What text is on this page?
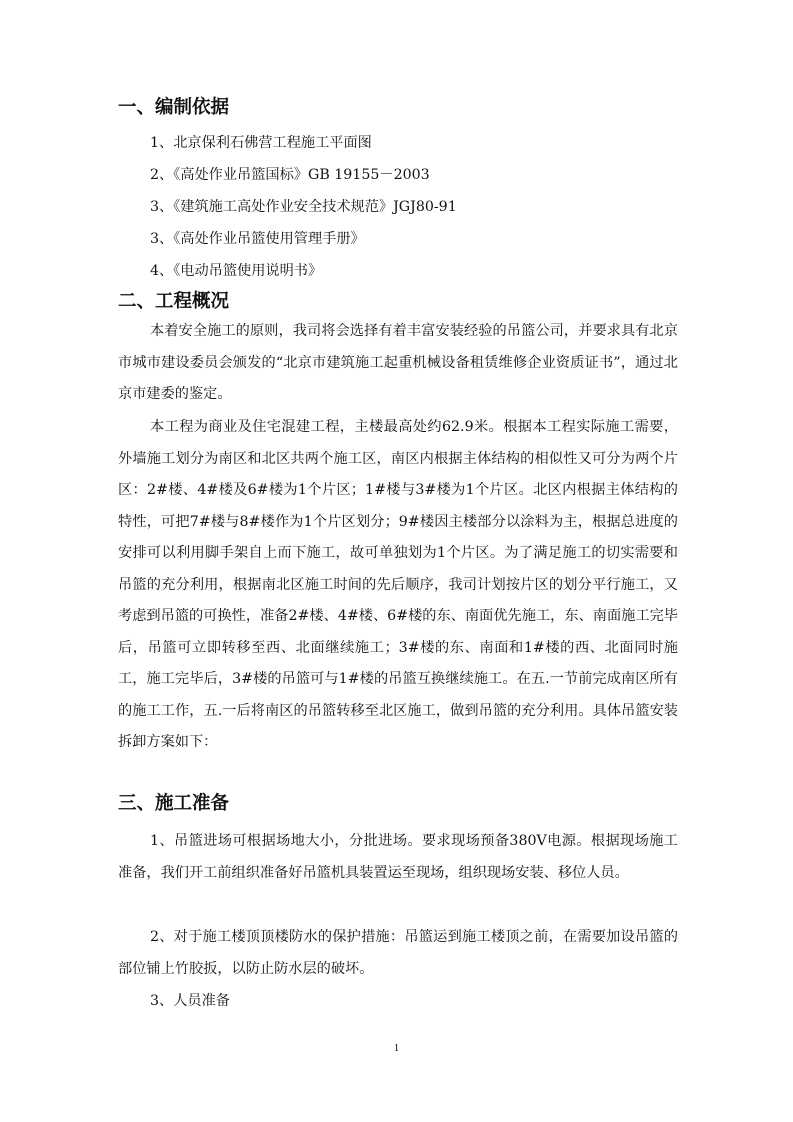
一、编制依据
1、北京保利石佛营工程施工平面图
2、《高处作业吊篮国标》GB 19155－2003
3、《建筑施工高处作业安全技术规范》JGJ80-91
3、《高处作业吊篮使用管理手册》
4、《电动吊篮使用说明书》
二、工程概况

本着安全施工的原则，我司将会选择有着丰富安装经验的吊篮公司，并要求具有北京市城市建设委员会颁发的“北京市建筑施工起重机械设备租赁维修企业资质证书”，通过北京市建委的鉴定。

本工程为商业及住宅混建工程，主楼最高处约62.9米。根据本工程实际施工需要，外墙施工划分为南区和北区共两个施工区，南区内根据主体结构的相似性又可分为两个片区：2#楼、4#楼及6#楼为1个片区；1#楼与3#楼为1个片区。北区内根据主体结构的特性，可把7#楼与8#楼作为1个片区划分；9#楼因主楼部分以涂料为主，根据总进度的安排可以利用脚手架自上而下施工，故可单独划为1个片区。为了满足施工的切实需要和吊篮的充分利用，根据南北区施工时间的先后顺序，我司计划按片区的划分平行施工，又考虑到吊篮的可换性，准备2#楼、4#楼、6#楼的东、南面优先施工，东、南面施工完毕后，吊篮可立即转移至西、北面继续施工；3#楼的东、南面和1#楼的西、北面同时施工，施工完毕后，3#楼的吊篮可与1#楼的吊篮互换继续施工。在五.一节前完成南区所有的施工工作，五.一后将南区的吊篮转移至北区施工，做到吊篮的充分利用。具体吊篮安装拆卸方案如下：

三、施工准备

1、吊篮进场可根据场地大小，分批进场。要求现场预备380V电源。根据现场施工准备，我们开工前组织准备好吊篮机具装置运至现场，组织现场安装、移位人员。

2、对于施工楼顶顶楼防水的保护措施：吊篮运到施工楼顶之前，在需要加设吊篮的部位铺上竹胶扳，以防止防水层的破坏。

3、人员准备

1
